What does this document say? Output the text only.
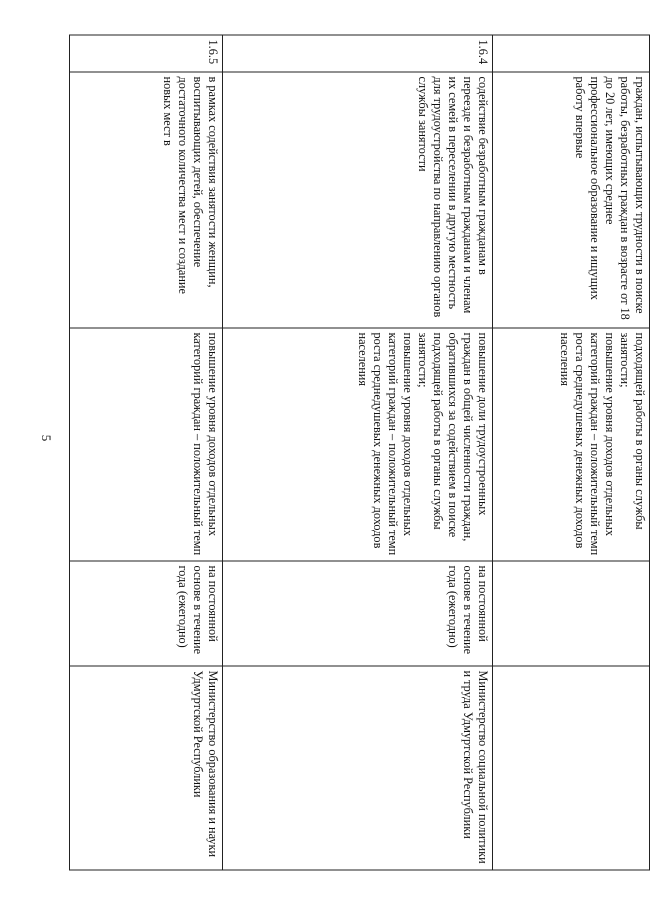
5
	граждан, испытывающих трудности в поиске работы, безработных граждан в возрасте от 18 до 20 лет, имеющих среднее профессиональное образование и ищущих работу впервые	подходящей работы в органы службы занятости;
повышение уровня доходов отдельных категорий граждан – положительный темп роста среднедушевых денежных доходов населения		
1.6.4	содействие безработным гражданам в переезде и безработным гражданам и членам их семей в переселении в другую местность для трудоустройства по направлению органов службы занятости	повышение доли трудоустроенных граждан в общей численности граждан, обратившихся за содействием в поиске подходящей работы в органы службы занятости;
повышение уровня доходов отдельных категорий граждан – положительный темп роста среднедушевых денежных доходов населения	на постоянной основе в течение года (ежегодно)	Министерство социальной политики и труда Удмуртской Республики
1.6.5	в рамках содействия занятости женщин, воспитывающих детей, обеспечение достаточного количества мест и создание новых мест в	повышение уровня доходов отдельных категорий граждан – положительный темп	на постоянной основе в течение года (ежегодно)	Министерство образования и науки Удмуртской Республики
